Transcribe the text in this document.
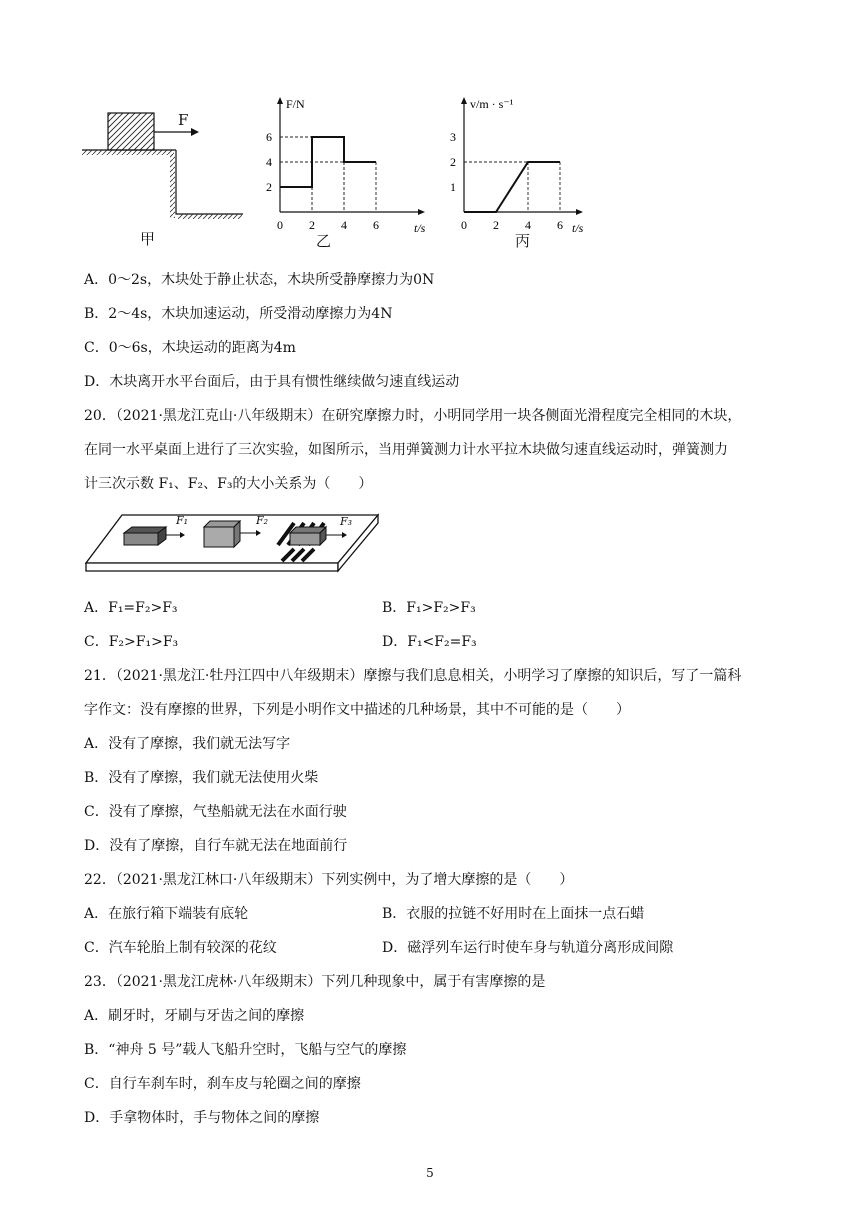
F
甲
F/N
t/s
0 2 4 6
2
4
6
乙
v/m · s⁻¹
t/s
0 2 4 6
1
2
3
丙
A．0～2s，木块处于静止状态，木块所受静摩擦力为0N
B．2～4s，木块加速运动，所受滑动摩擦力为4N
C．0～6s，木块运动的距离为4m
D．木块离开水平台面后，由于具有惯性继续做匀速直线运动
20．（2021·黑龙江克山·八年级期末）在研究摩擦力时，小明同学用一块各侧面光滑程度完全相同的木块，
在同一水平桌面上进行了三次实验，如图所示，当用弹簧测力计水平拉木块做匀速直线运动时，弹簧测力
计三次示数 F₁、F₂、F₃的大小关系为（　　）
F₁	F₂	F₃
A．F₁=F₂>F₃	B．F₁>F₂>F₃
C．F₂>F₁>F₃	D．F₁<F₂=F₃
21．（2021·黑龙江·牡丹江四中八年级期末）摩擦与我们息息相关，小明学习了摩擦的知识后，写了一篇科
字作文：没有摩擦的世界，下列是小明作文中描述的几种场景，其中不可能的是（　　）
A．没有了摩擦，我们就无法写字
B．没有了摩擦，我们就无法使用火柴
C．没有了摩擦，气垫船就无法在水面行驶
D．没有了摩擦，自行车就无法在地面前行
22．（2021·黑龙江林口·八年级期末）下列实例中，为了增大摩擦的是（　　）
A．在旅行箱下端装有底轮	B．衣服的拉链不好用时在上面抹一点石蜡
C．汽车轮胎上制有较深的花纹	D．磁浮列车运行时使车身与轨道分离形成间隙
23．（2021·黑龙江虎林·八年级期末）下列几种现象中，属于有害摩擦的是
A．刷牙时，牙刷与牙齿之间的摩擦
B．“神舟 5 号”载人飞船升空时，飞船与空气的摩擦
C．自行车刹车时，刹车皮与轮圈之间的摩擦
D．手拿物体时，手与物体之间的摩擦
5
